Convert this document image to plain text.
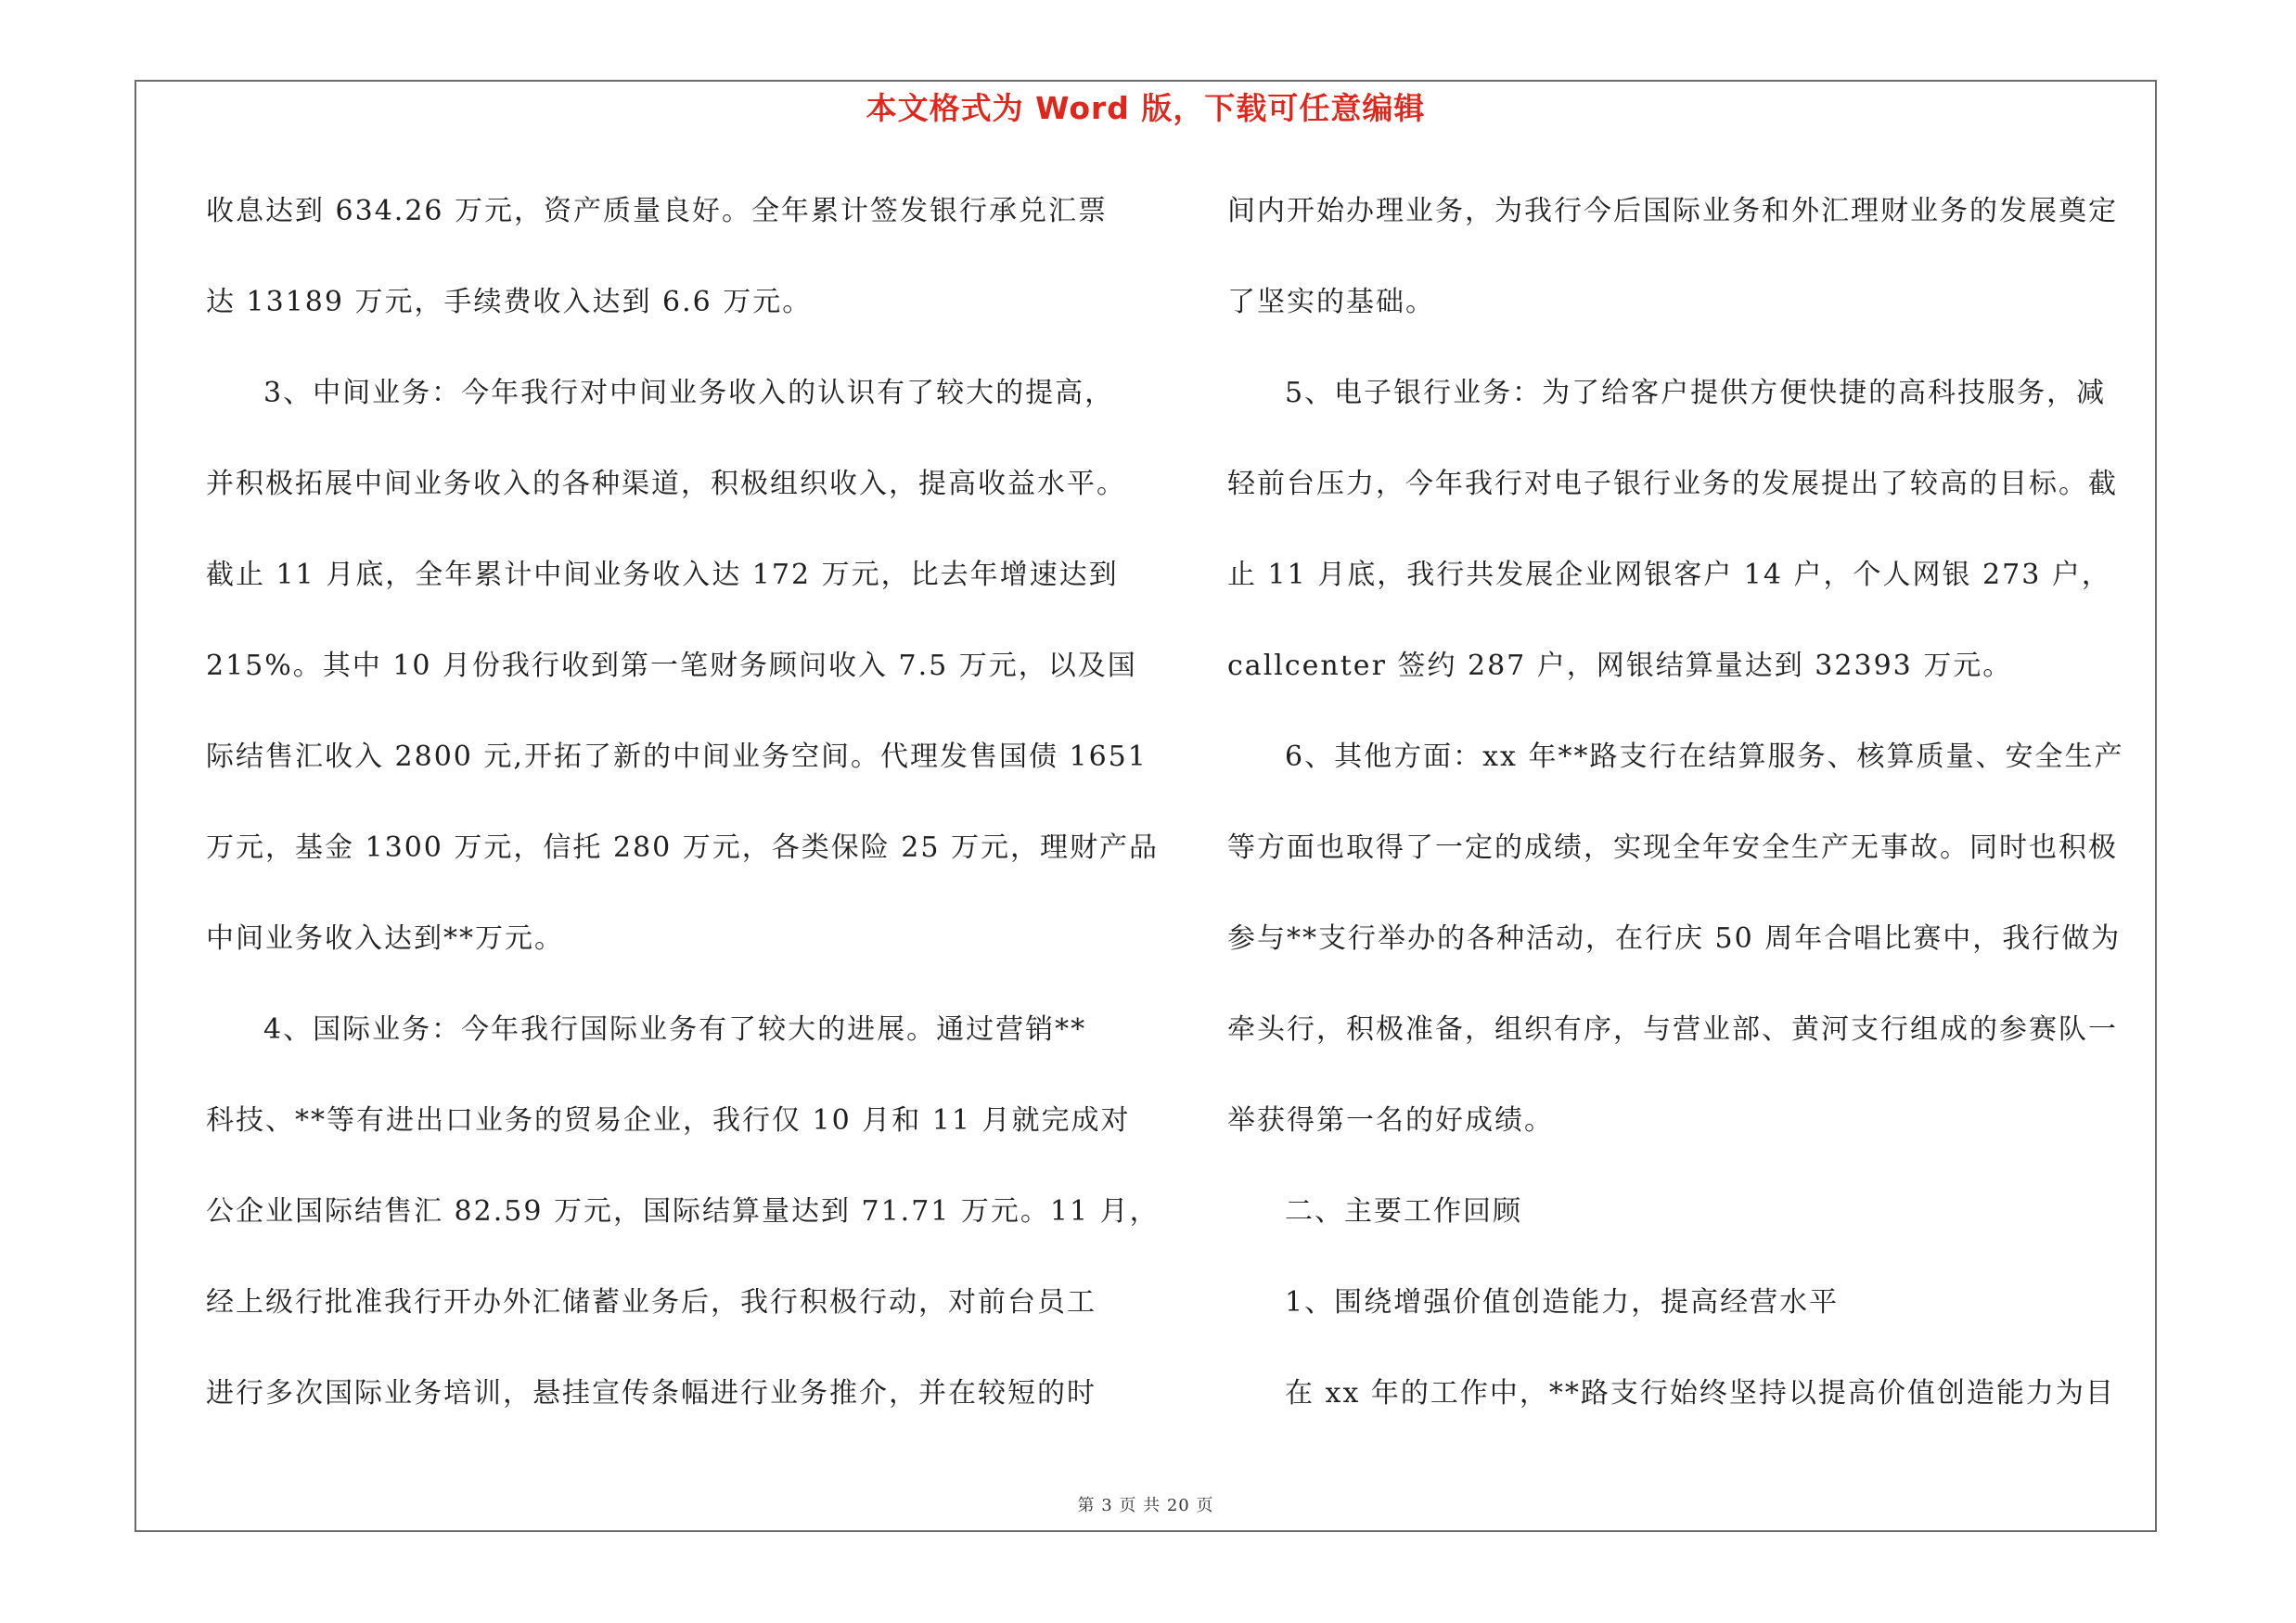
本文格式为 Word 版，下载可任意编辑
收息达到 634.26 万元，资产质量良好。全年累计签发银行承兑汇票
达 13189 万元，手续费收入达到 6.6 万元。
3、中间业务：今年我行对中间业务收入的认识有了较大的提高，
并积极拓展中间业务收入的各种渠道，积极组织收入，提高收益水平。
截止 11 月底，全年累计中间业务收入达 172 万元，比去年增速达到
215%。其中 10 月份我行收到第一笔财务顾问收入 7.5 万元，以及国
际结售汇收入 2800 元,开拓了新的中间业务空间。代理发售国债 1651
万元，基金 1300 万元，信托 280 万元，各类保险 25 万元，理财产品
中间业务收入达到**万元。
4、国际业务：今年我行国际业务有了较大的进展。通过营销**
科技、**等有进出口业务的贸易企业，我行仅 10 月和 11 月就完成对
公企业国际结售汇 82.59 万元，国际结算量达到 71.71 万元。11 月，
经上级行批准我行开办外汇储蓄业务后，我行积极行动，对前台员工
进行多次国际业务培训，悬挂宣传条幅进行业务推介，并在较短的时
间内开始办理业务，为我行今后国际业务和外汇理财业务的发展奠定
了坚实的基础。
5、电子银行业务：为了给客户提供方便快捷的高科技服务，减
轻前台压力，今年我行对电子银行业务的发展提出了较高的目标。截
止 11 月底，我行共发展企业网银客户 14 户，个人网银 273 户，
callcenter 签约 287 户，网银结算量达到 32393 万元。
6、其他方面：xx 年**路支行在结算服务、核算质量、安全生产
等方面也取得了一定的成绩，实现全年安全生产无事故。同时也积极
参与**支行举办的各种活动，在行庆 50 周年合唱比赛中，我行做为
牵头行，积极准备，组织有序，与营业部、黄河支行组成的参赛队一
举获得第一名的好成绩。
二、主要工作回顾
1、围绕增强价值创造能力，提高经营水平
在 xx 年的工作中，**路支行始终坚持以提高价值创造能力为目
第 3 页 共 20 页
